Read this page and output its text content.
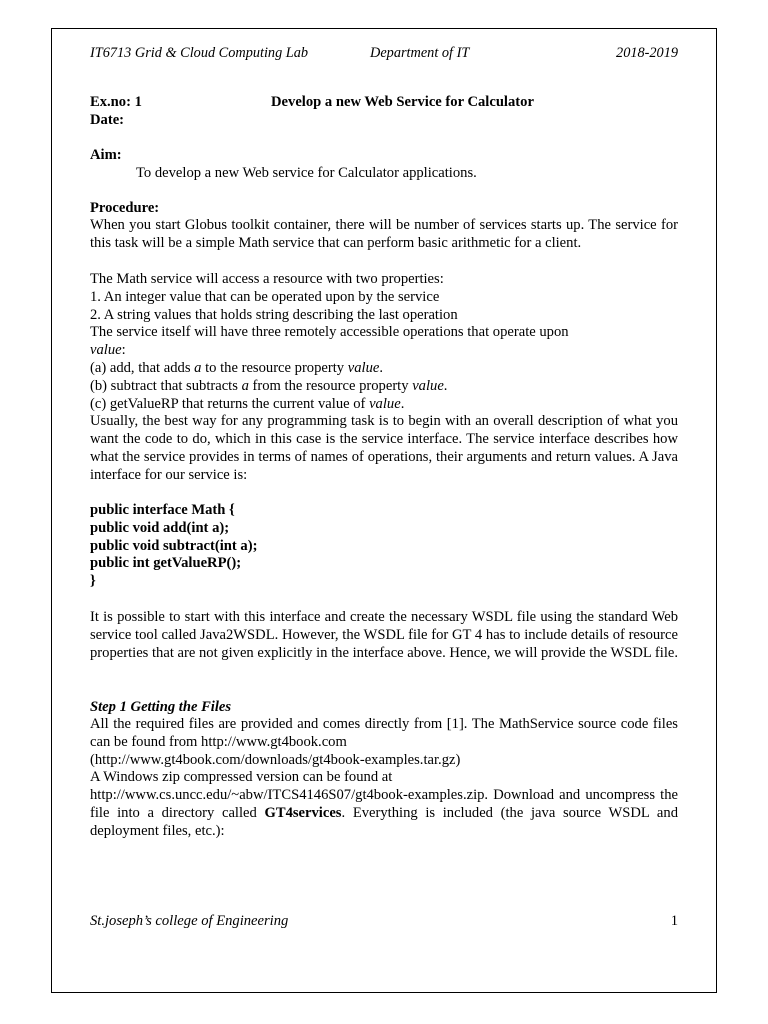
IT6713 Grid & Cloud Computing Lab	Department of IT	2018-2019
Ex.no: 1	Develop a new Web Service for Calculator
Date:
Aim:
To develop a new Web service for Calculator applications.
Procedure:
When you start Globus toolkit container, there will be number of services starts up. The service for this task will be a simple Math service that can perform basic arithmetic for a client.
The Math service will access a resource with two properties:
1. An integer value that can be operated upon by the service
2. A string values that holds string describing the last operation
The service itself will have three remotely accessible operations that operate upon
value:
(a) add, that adds a to the resource property value.
(b) subtract that subtracts a from the resource property value.
(c) getValueRP that returns the current value of value.
Usually, the best way for any programming task is to begin with an overall description of what you want the code to do, which in this case is the service interface. The service interface describes how what the service provides in terms of names of operations, their arguments and return values. A Java interface for our service is:
public interface Math {
public void add(int a);
public void subtract(int a);
public int getValueRP();
}
It is possible to start with this interface and create the necessary WSDL file using the standard Web service tool called Java2WSDL. However, the WSDL file for GT 4 has to include details of resource properties that are not given explicitly in the interface above. Hence, we will provide the WSDL file.
Step 1 Getting the Files
All the required files are provided and comes directly from [1]. The MathService source code files can be found from http://www.gt4book.com
(http://www.gt4book.com/downloads/gt4book-examples.tar.gz)
A Windows zip compressed version can be found at
http://www.cs.uncc.edu/~abw/ITCS4146S07/gt4book-examples.zip. Download and uncompress the file into a directory called GT4services. Everything is included (the java source WSDL and deployment files, etc.):
St.joseph’s college of Engineering	1
